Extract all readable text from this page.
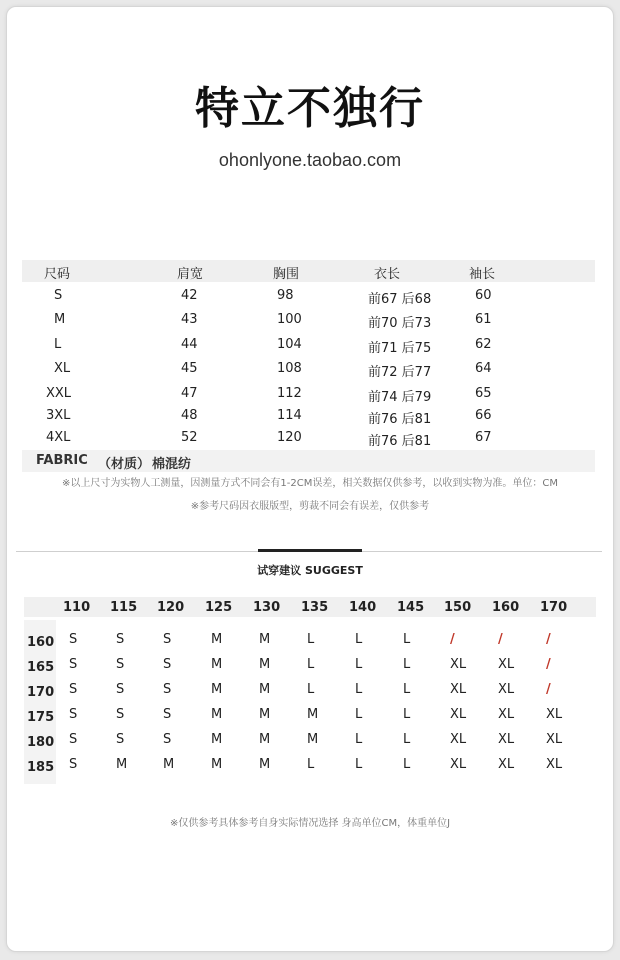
特立不独行
ohonlyone.taobao.com
尺码	肩宽	胸围	衣长	袖长
S	42	98	前67 后68	60
M	43	100	前70 后73	61
L	44	104	前71 后75	62
XL	45	108	前72 后77	64
XXL	47	112	前74 后79	65
3XL	48	114	前76 后81	66
4XL	52	120	前76 后81	67
FABRIC （材质） 棉混纺
※以上尺寸为实物人工测量，因测量方式不同会有1-2CM误差，相关数据仅供参考，以收到实物为准。单位：CM
※参考尺码因衣服版型，剪裁不同会有误差，仅供参考
试穿建议 SUGGEST
110 115 120 125 130 135 140 145 150 160 170
160 S	S	S	M	M	L	L	L	/	/	/
165 S	S	S	M	M	L	L	L	XL XL /
170 S	S	S	M	M	L	L	L	XL XL /
175 S	S	S	M	M	M	L	L	XL XL XL
180 S	S	S	M	M	M	L	L	XL XL XL
185 S	M	M	M	M	L	L	L	XL XL XL
※仅供参考具体参考自身实际情况选择 身高单位CM，体重单位J
